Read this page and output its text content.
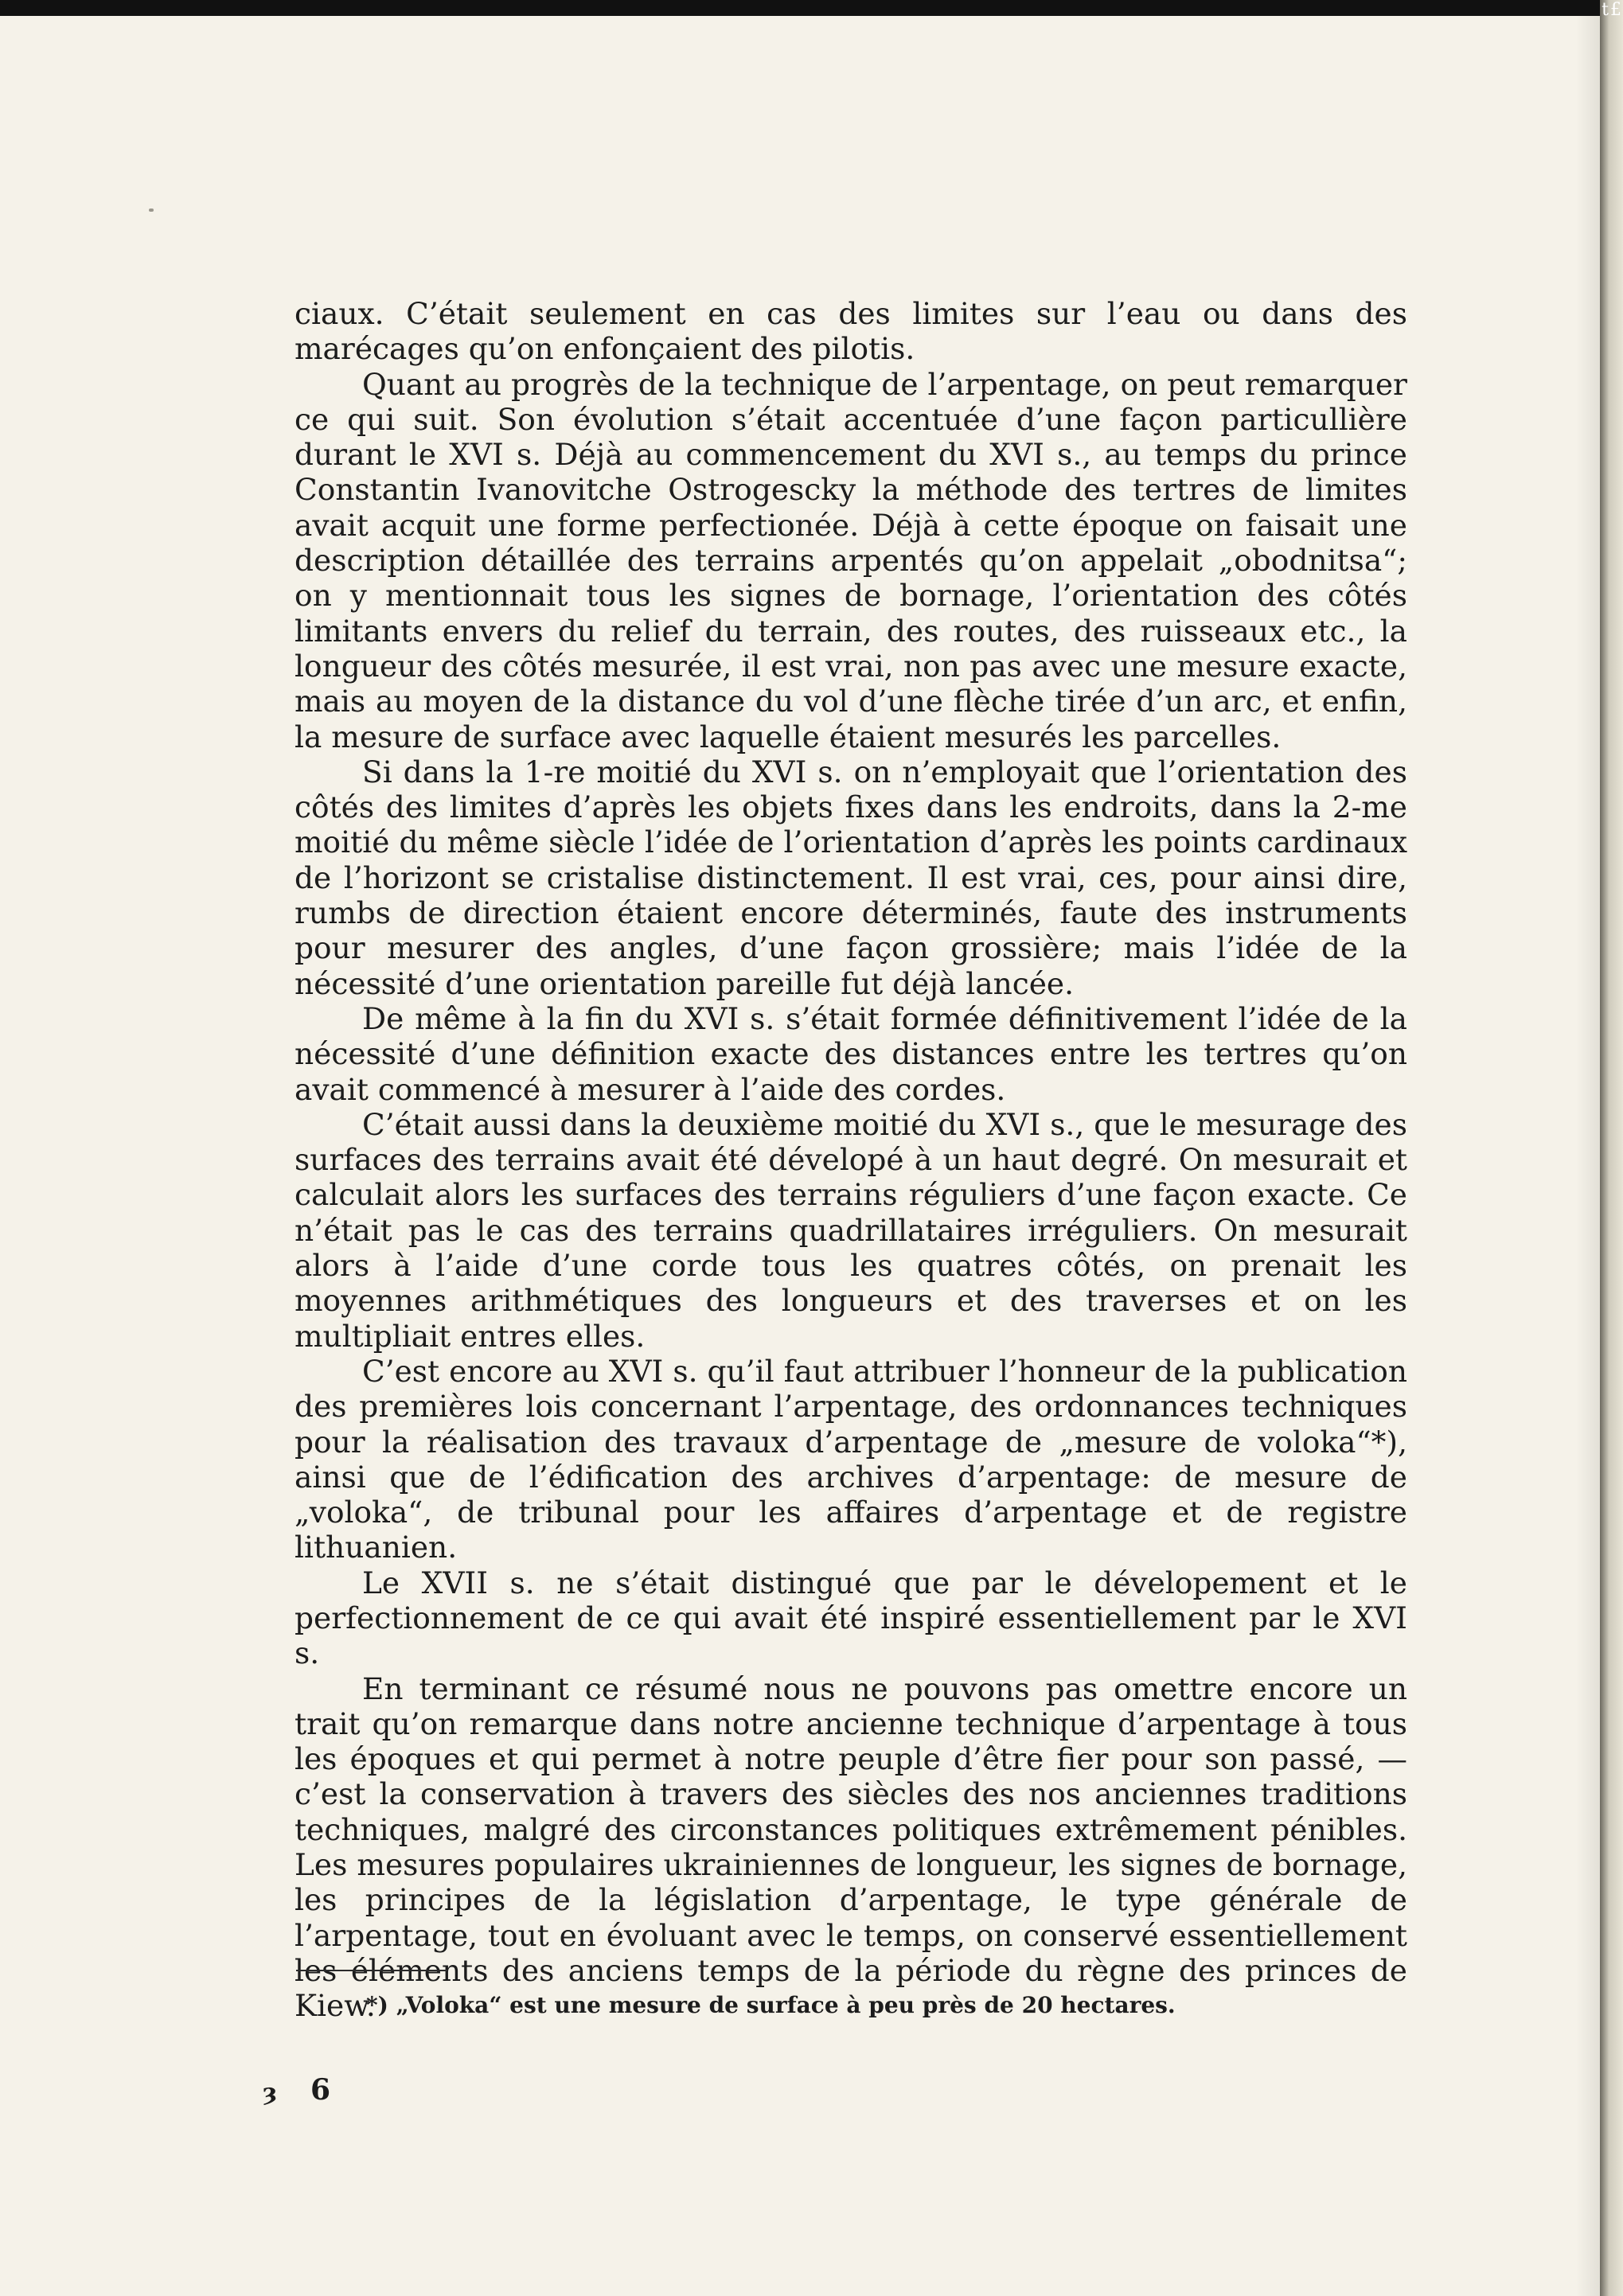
ciaux. C’était seulement en cas des limites sur l’eau ou dans des marécages qu’on enfonçaient des pilotis.

Quant au progrès de la technique de l’arpentage, on peut remarquer ce qui suit. Son évolution s’était accentuée d’une façon particullière durant le XVI s. Déjà au commencement du XVI s., au temps du prince Constantin Ivanovitche Ostrogescky la méthode des tertres de limites avait acquit une forme perfectionée. Déjà à cette époque on faisait une description détaillée des terrains arpentés qu’on appelait „obodnitsa“; on y mentionnait tous les signes de bornage, l’orientation des côtés limitants envers du relief du terrain, des routes, des ruisseaux etc., la longueur des côtés mesurée, il est vrai, non pas avec une mesure exacte, mais au moyen de la distance du vol d’une flèche tirée d’un arc, et enfin, la mesure de surface avec laquelle étaient mesurés les parcelles.

Si dans la 1-re moitié du XVI s. on n’employait que l’orientation des côtés des limites d’après les objets fixes dans les endroits, dans la 2-me moitié du même siècle l’idée de l’orientation d’après les points cardinaux de l’horizont se cristalise distinctement. Il est vrai, ces, pour ainsi dire, rumbs de direction étaient encore déterminés, faute des instruments pour mesurer des angles, d’une façon grossière; mais l’idée de la nécessité d’une orientation pareille fut déjà lancée.

De même à la fin du XVI s. s’était formée définitivement l’idée de la nécessité d’une définition exacte des distances entre les tertres qu’on avait commencé à mesurer à l’aide des cordes.

C’était aussi dans la deuxième moitié du XVI s., que le mesurage des surfaces des terrains avait été dévelopé à un haut degré. On mesurait et calculait alors les surfaces des terrains réguliers d’une façon exacte. Ce n’était pas le cas des terrains quadrillataires irréguliers. On mesurait alors à l’aide d’une corde tous les quatres côtés, on prenait les moyennes arithmétiques des longueurs et des traverses et on les multipliait entres elles.

C’est encore au XVI s. qu’il faut attribuer l’honneur de la publication des premières lois concernant l’arpentage, des ordonnances techniques pour la réalisation des travaux d’arpentage de „mesure de voloka“*), ainsi que de l’édification des archives d’arpentage: de mesure de „voloka“, de tribunal pour les affaires d’arpentage et de registre lithuanien.

Le XVII s. ne s’était distingué que par le dévelopement et le perfectionnement de ce qui avait été inspiré essentiellement par le XVI s.

En terminant ce résumé nous ne pouvons pas omettre encore un trait qu’on remarque dans notre ancienne technique d’arpentage à tous les époques et qui permet à notre peuple d’être fier pour son passé, — c’est la conservation à travers des siècles des nos anciennes traditions techniques, malgré des circonstances politiques extrêmement pénibles. Les mesures populaires ukrainiennes de longueur, les signes de bornage, les principes de la législation d’arpentage, le type générale de l’arpentage, tout en évoluant avec le temps, on conservé essentiellement les éléments des anciens temps de la période du règne des princes de Kiew.

*) „Voloka“ est une mesure de surface à peu près de 20 hectares.
ȝ 6
t£
